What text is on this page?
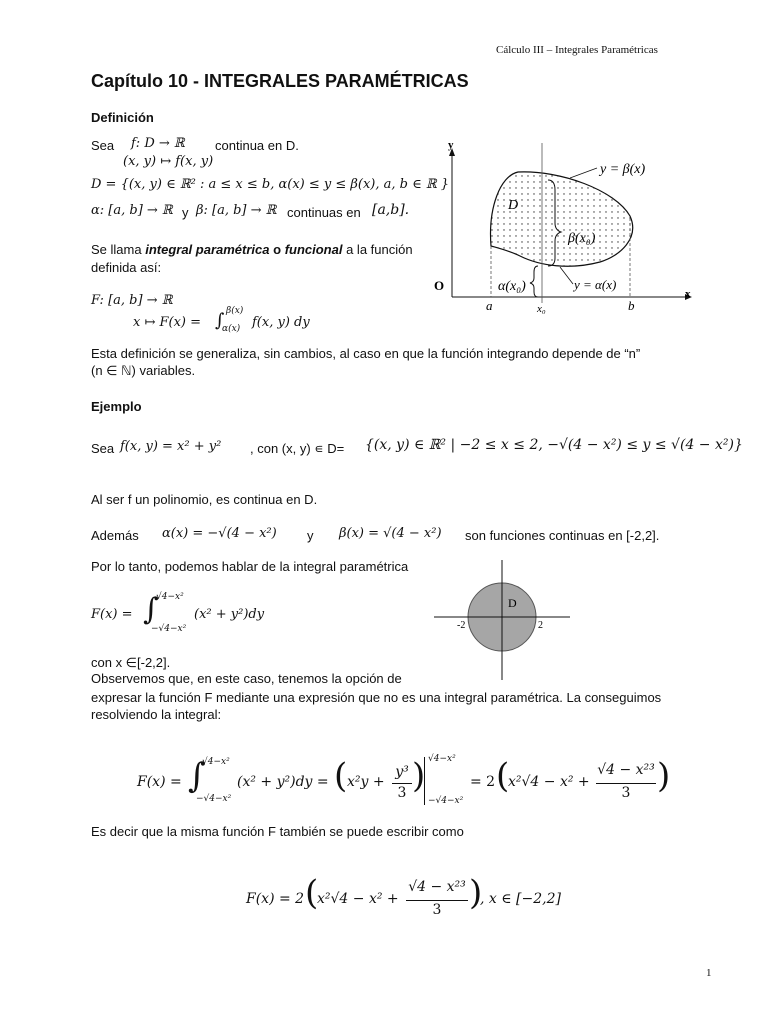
Cálculo III – Integrales Paramétricas
Capítulo 10 - INTEGRALES PARAMÉTRICAS
Definición
Sea f: D → ℝ continua en D.
(x, y) ↦ f(x, y)
D = {(x, y) ∈ ℝ² : a ≤ x ≤ b, α(x) ≤ y ≤ β(x), a, b ∈ ℝ }
α: [a, b] → ℝ y β: [a, b] → ℝ continuas en [a,b].
Se llama integral paramétrica o funcional a la función
definida así:
F: [a, b] → ℝ
x ↦ F(x) = ∫ β(x)
α(x) f(x, y) dy
Esta definición se generaliza, sin cambios, al caso en que la función integrando depende de “n”
(n ∈ ℕ) variables.
y
x
O
a	b
x₀
D
y = β(x)
β(x₀)
α(x₀)	y = α(x)
Ejemplo
Sea f(x, y) = x² + y² , con (x, y) ∊ D= {(x, y) ∈ ℝ² | −2 ≤ x ≤ 2, −√(4 − x²) ≤ y ≤ √(4 − x²)}
Al ser f un polinomio, es continua en D.
Además α(x) = −√(4 − x²) y β(x) = √(4 − x²) son funciones continuas en [-2,2].
Por lo tanto, podemos hablar de la integral paramétrica
F(x) = ∫
√4−x²
−√4−x²
(x² + y²)dy
D
-2	2
con x ∈[-2,2].
Observemos que, en este caso, tenemos la opción de
expresar la función F mediante una expresión que no es una integral paramétrica. La conseguimos
resolviendo la integral:
F(x) = ∫
√4−x²
−√4−x²
(x² + y²)dy = ( x²y +
y³
3 ) √4−x²
−√4−x²
= 2 (
x²√4 − x² +
√4 − x²³
3 )
Es decir que la misma función F también se puede escribir como
F(x) = 2 (
x²√4 − x² +
√4 − x²³
3 )
, x ∈ [−2,2]
1
